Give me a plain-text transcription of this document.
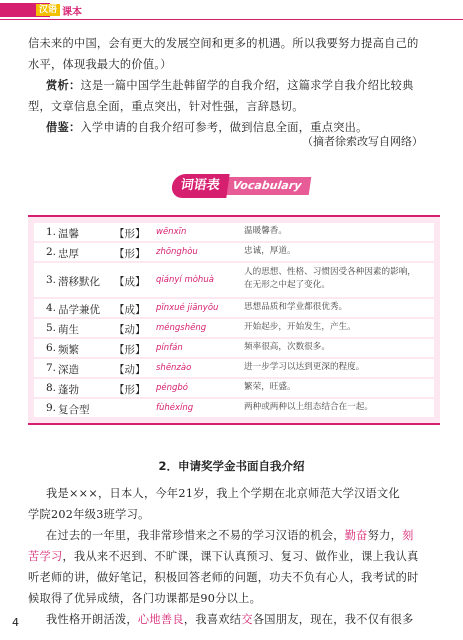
汉语 课本
信未来的中国，会有更大的发展空间和更多的机遇。所以我要努力提高自己的
水平，体现我最大的价值。）
赏析：这是一篇中国学生赴韩留学的自我介绍，这篇求学自我介绍比较典
型，文章信息全面，重点突出，针对性强，言辞恳切。
借鉴：入学申请的自我介绍可参考，做到信息全面，重点突出。
（摘者徐索改写自网络）
Vocabulary
词语表
1. 温馨	【形】 wēnxīn	温暖馨香。
2. 忠厚	【形】 zhōnghòu	忠诚，厚道。
3. 潜移默化 【成】 qiányí mòhuà
人的思想、性格、习惯因受各种因素的影响，在无形之中起了变化。
4. 品学兼优 【成】 pǐnxué jiānyōu	思想品质和学业都很优秀。
5. 萌生	【动】 méngshēng	开始起步，开始发生，产生。
6. 频繁	【形】 pínfán	频率很高，次数很多。
7. 深造	【动】 shēnzào	进一步学习以达到更深的程度。
8. 蓬勃	【形】 péngbó	繁荣，旺盛。
9. 复合型	fùhéxíng	两种或两种以上组态结合在一起。
2．申请奖学金书面自我介绍
我是×××，日本人，今年21岁，我上个学期在北京师范大学汉语文化
学院202年级3班学习。
在过去的一年里，我非常珍惜来之不易的学习汉语的机会，勤奋努力，刻
苦学习，我从来不迟到、不旷课，课下认真预习、复习、做作业，课上我认真
听老师的讲，做好笔记，积极回答老师的问题，功夫不负有心人，我考试的时
候取得了优异成绩，各门功课都是90分以上。
我性格开朗活泼，心地善良，我喜欢结交各国朋友，现在，我不仅有很多
4
